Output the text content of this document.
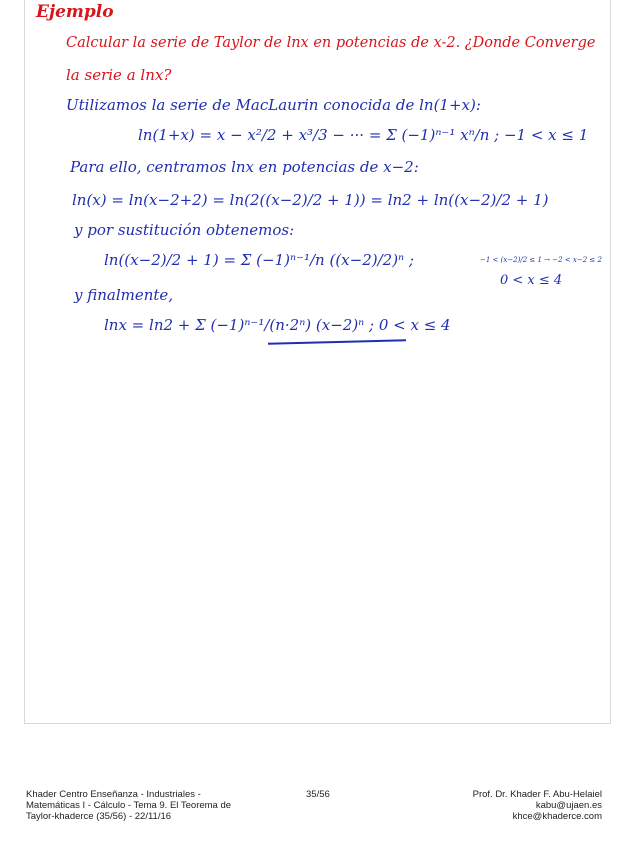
Ejemplo
Calcular la serie de Taylor de lnx en potencias de x-2. ¿Donde Converge
la serie a lnx?
Utilizamos la serie de MacLaurin conocida de ln(1+x):
ln(1+x) = x − x²/2 + x³/3 − ··· = Σ (−1)ⁿ⁻¹ xⁿ/n ; −1 < x ≤ 1
Para ello, centramos lnx en potencias de x−2:
ln(x) = ln(x−2+2) = ln(2((x−2)/2 + 1)) = ln2 + ln((x−2)/2 + 1)
y por sustitución obtenemos:
ln((x−2)/2 + 1) = Σ (−1)ⁿ⁻¹/n ((x−2)/2)ⁿ ;	−1 < (x−2)/2 ≤ 1 → −2 < x−2 ≤ 2
0 < x ≤ 4
y finalmente,
lnx = ln2 + Σ (−1)ⁿ⁻¹/(n·2ⁿ) (x−2)ⁿ ; 0 < x ≤ 4
Khader Centro Enseñanza - Industriales -
Matemáticas I - Cálculo - Tema 9. El Teorema de
Taylor-khaderce (35/56) - 22/11/16
35/56	Prof. Dr. Khader F. Abu-Helaiel
kabu@ujaen.es
khce@khaderce.com
